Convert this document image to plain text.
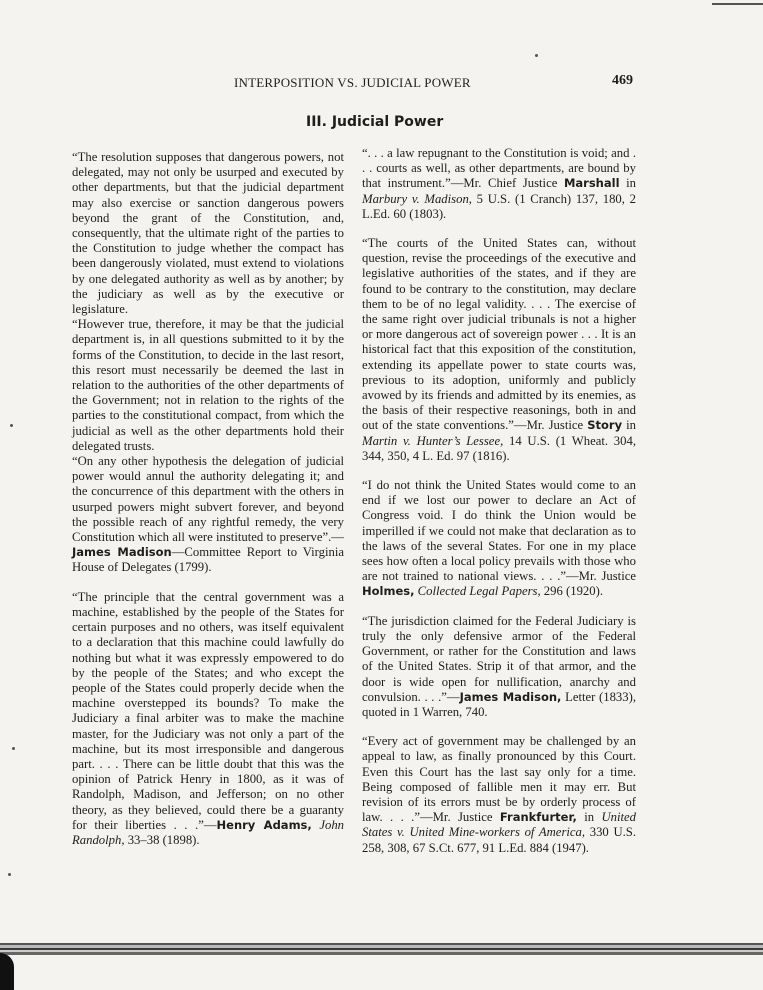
INTERPOSITION VS. JUDICIAL POWER	469
III. Judicial Power

“The resolution supposes that dangerous powers, not delegated, may not only be usurped and executed by other departments, but that the judicial department may also exercise or sanction dangerous powers beyond the grant of the Constitution, and, consequently, that the ultimate right of the parties to the Constitution to judge whether the compact has been dangerously violated, must extend to violations by one delegated authority as well as by another; by the judiciary as well as by the executive or legislature.

“However true, therefore, it may be that the judicial department is, in all questions submitted to it by the forms of the Constitution, to decide in the last resort, this resort must necessarily be deemed the last in relation to the authorities of the other departments of the Government; not in relation to the rights of the parties to the constitutional compact, from which the judicial as well as the other departments hold their delegated trusts.

“On any other hypothesis the delegation of judicial power would annul the authority delegating it; and the concurrence of this department with the others in usurped powers might subvert forever, and beyond the possible reach of any rightful remedy, the very Constitution which all were instituted to preserve”.—James Madison—Committee Report to Virginia House of Delegates (1799).

“The principle that the central government was a machine, established by the people of the States for certain purposes and no others, was itself equivalent to a declaration that this machine could lawfully do nothing but what it was expressly empowered to do by the people of the States; and who except the people of the States could properly decide when the machine overstepped its bounds? To make the Judiciary a final arbiter was to make the machine master, for the Judiciary was not only a part of the machine, but its most irresponsible and dangerous part. . . . There can be little doubt that this was the opinion of Patrick Henry in 1800, as it was of Randolph, Madison, and Jefferson; on no other theory, as they believed, could there be a guaranty for their liberties . . .”—Henry Adams, John Randolph, 33–38 (1898).

“. . . a law repugnant to the Constitution is void; and . . . courts as well, as other departments, are bound by that instrument.”—Mr. Chief Justice Marshall in Marbury v. Madison, 5 U.S. (1 Cranch) 137, 180, 2 L.Ed. 60 (1803).

“The courts of the United States can, without question, revise the proceedings of the executive and legislative authorities of the states, and if they are found to be contrary to the constitution, may declare them to be of no legal validity. . . . The exercise of the same right over judicial tribunals is not a higher or more dangerous act of sovereign power . . . It is an historical fact that this exposition of the constitution, extending its appellate power to state courts was, previous to its adoption, uniformly and publicly avowed by its friends and admitted by its enemies, as the basis of their respective reasonings, both in and out of the state conventions.”—Mr. Justice Story in Martin v. Hunter’s Lessee, 14 U.S. (1 Wheat. 304, 344, 350, 4 L. Ed. 97 (1816).

“I do not think the United States would come to an end if we lost our power to declare an Act of Congress void. I do think the Union would be imperilled if we could not make that declaration as to the laws of the several States. For one in my place sees how often a local policy prevails with those who are not trained to national views. . . .”—Mr. Justice Holmes, Collected Legal Papers, 296 (1920).

“The jurisdiction claimed for the Federal Judiciary is truly the only defensive armor of the Federal Government, or rather for the Constitution and laws of the United States. Strip it of that armor, and the door is wide open for nullification, anarchy and convulsion. . . .”—James Madison, Letter (1833), quoted in 1 Warren, 740.

“Every act of government may be challenged by an appeal to law, as finally pronounced by this Court. Even this Court has the last say only for a time. Being composed of fallible men it may err. But revision of its errors must be by orderly process of law. . . .”—Mr. Justice Frankfurter, in United States v. United Mine-workers of America, 330 U.S. 258, 308, 67 S.Ct. 677, 91 L.Ed. 884 (1947).
